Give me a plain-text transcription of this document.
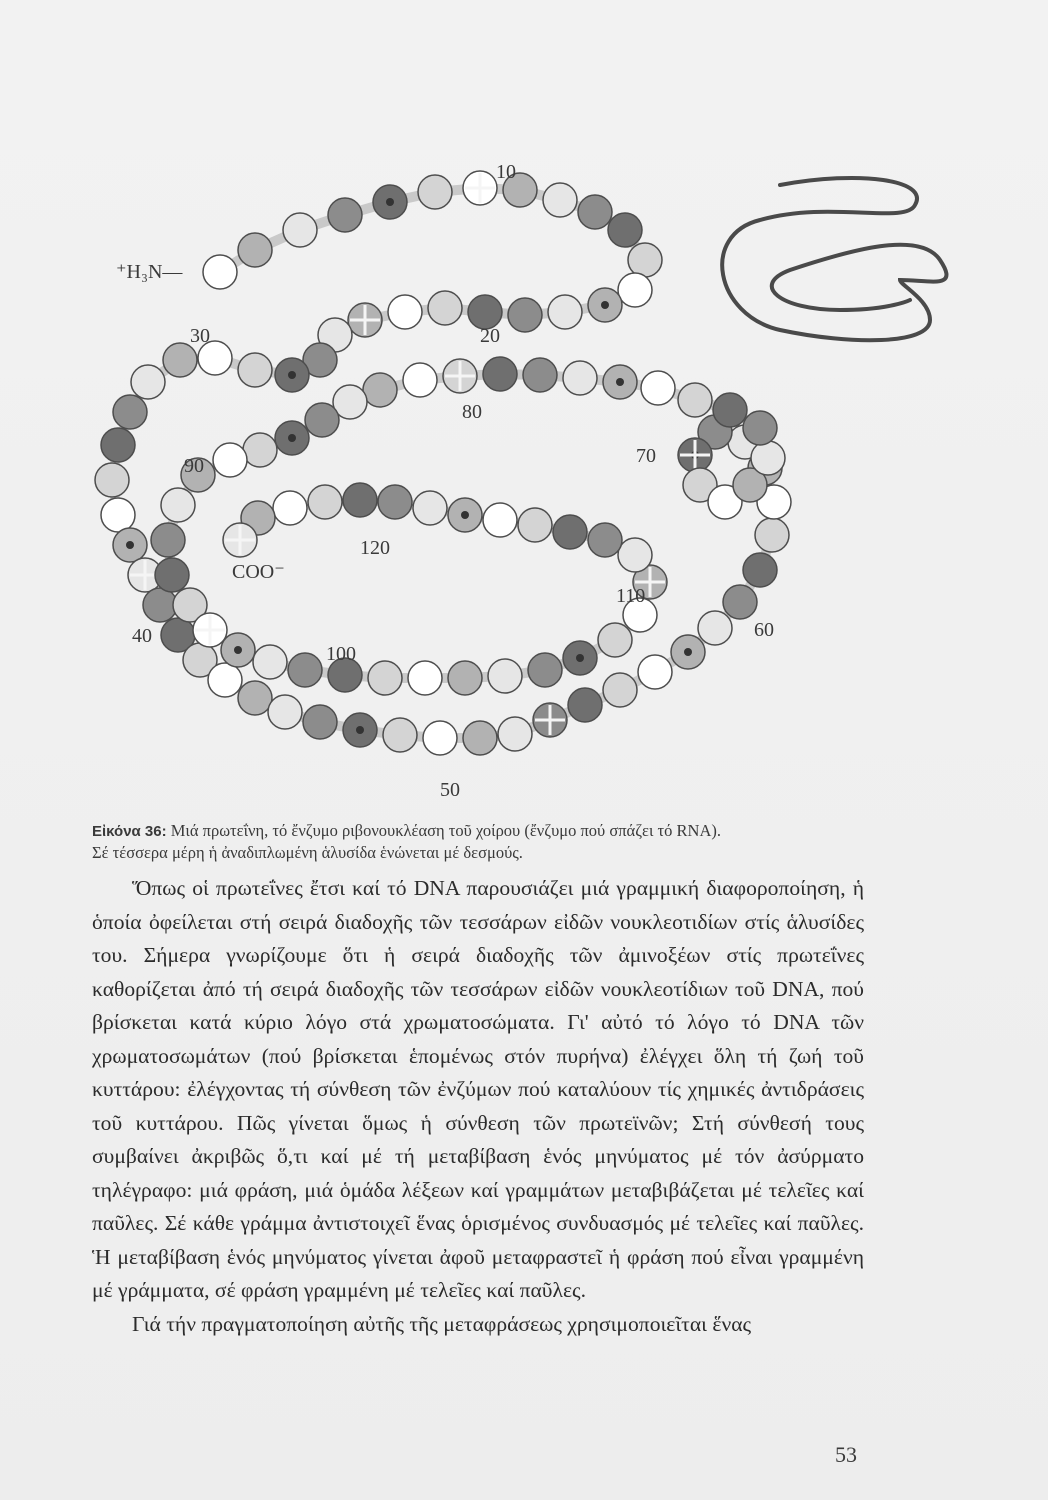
⁺H₃N—
COO⁻
10
20
30
40
50
60
70
80
90
100
110
120
Εἰκόνα 36: Μιά πρωτεΐνη, τό ἔνζυμο ριβονουκλέαση τοῦ χοίρου (ἔνζυμο πού σπάζει τό RNA).
Σέ τέσσερα μέρη ἡ ἀναδιπλωμένη ἁλυσίδα ἑνώνεται μέ δεσμούς.

Ὅπως οἱ πρωτεΐνες ἔτσι καί τό DNA παρουσιάζει μιά γραμμική διαφοροποίηση, ἡ ὁποία ὀφείλεται στή σειρά διαδοχῆς τῶν τεσσάρων εἰδῶν νουκλεοτιδίων στίς ἁλυσίδες του. Σήμερα γνωρίζουμε ὅτι ἡ σειρά διαδοχῆς τῶν ἀμινοξέων στίς πρωτεΐνες καθορίζεται ἀπό τή σειρά διαδοχῆς τῶν τεσσάρων εἰδῶν νουκλεοτίδιων τοῦ DNA, πού βρίσκεται κατά κύριο λόγο στά χρωματοσώματα. Γι' αὐτό τό λόγο τό DNA τῶν χρωματοσωμάτων (πού βρίσκεται ἑπομένως στόν πυρήνα) ἐλέγχει ὅλη τή ζωή τοῦ κυττάρου: ἐλέγχοντας τή σύνθεση τῶν ἐνζύμων πού καταλύουν τίς χημικές ἀντιδράσεις τοῦ κυττάρου. Πῶς γίνεται ὅμως ἡ σύνθεση τῶν πρωτεϊνῶν; Στή σύνθεσή τους συμβαίνει ἀκριβῶς ὅ,τι καί μέ τή μεταβίβαση ἑνός μηνύματος μέ τόν ἀσύρματο τηλέγραφο: μιά φράση, μιά ὁμάδα λέξεων καί γραμμάτων μεταβιβάζεται μέ τελεῖες καί παῦλες. Σέ κάθε γράμμα ἀντιστοιχεῖ ἕνας ὁρισμένος συνδυασμός μέ τελεῖες καί παῦλες. Ἡ μεταβίβαση ἑνός μηνύματος γίνεται ἀφοῦ μεταφραστεῖ ἡ φράση πού εἶναι γραμμένη μέ γράμματα, σέ φράση γραμμένη μέ τελεῖες καί παῦλες.

Γιά τήν πραγματοποίηση αὐτῆς τῆς μεταφράσεως χρησιμοποιεῖται ἕνας

53
